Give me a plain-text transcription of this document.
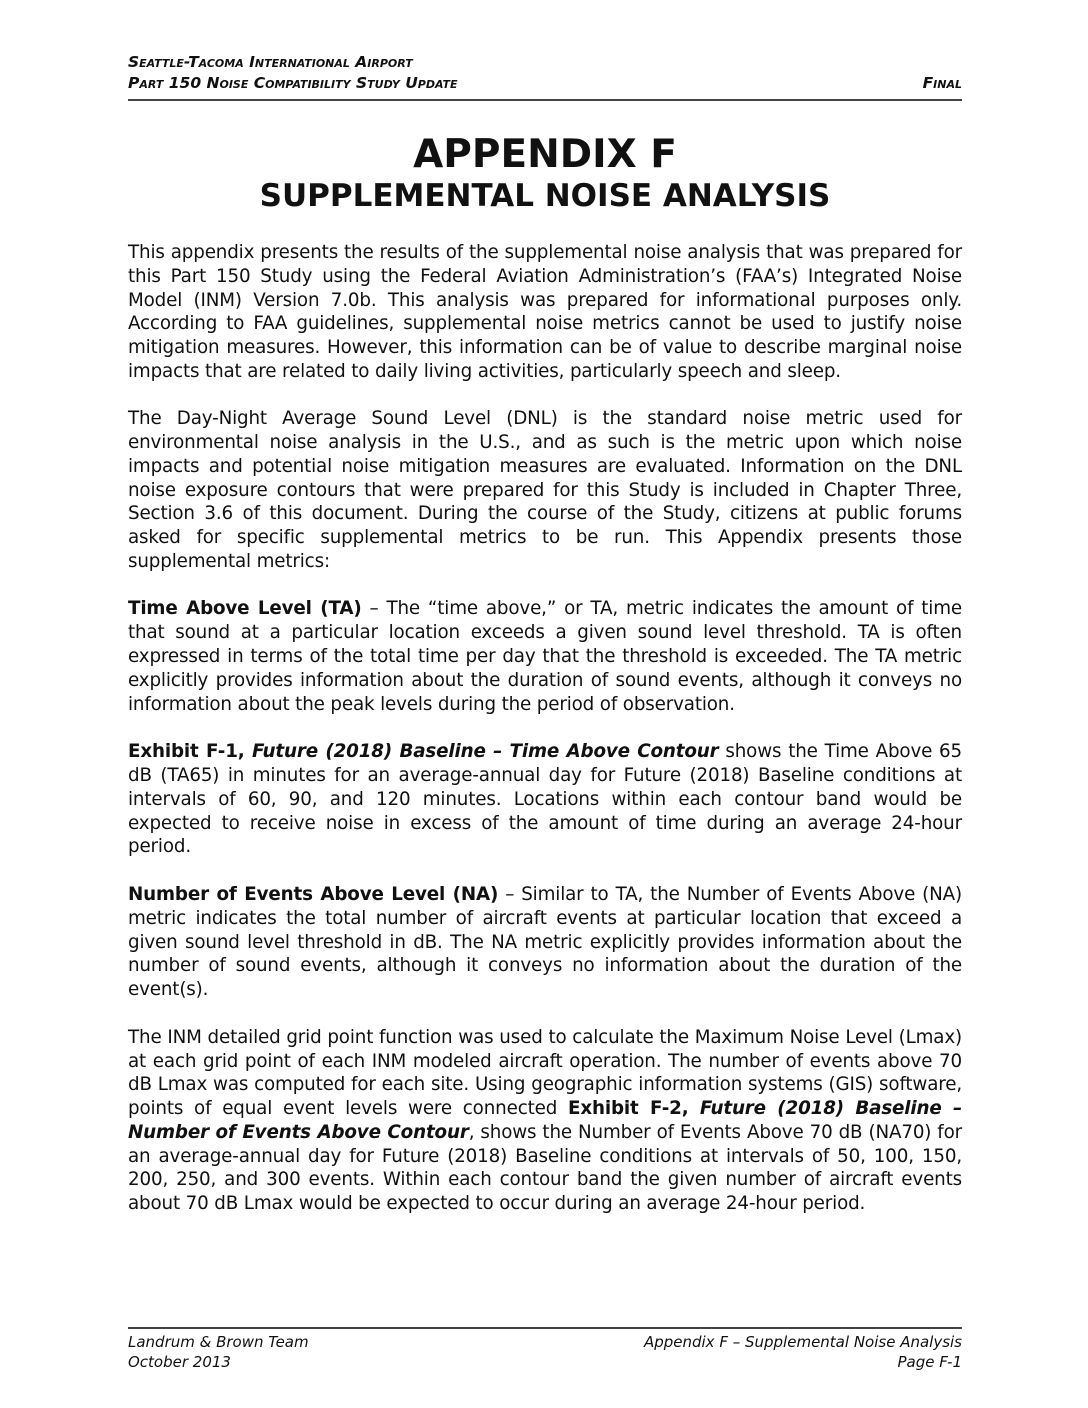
Seattle-Tacoma International Airport
Part 150 Noise Compatibility Study Update	Final
APPENDIX F
SUPPLEMENTAL NOISE ANALYSIS

This appendix presents the results of the supplemental noise analysis that was prepared for this Part 150 Study using the Federal Aviation Administration’s (FAA’s) Integrated Noise Model (INM) Version 7.0b. This analysis was prepared for informational purposes only. According to FAA guidelines, supplemental noise metrics cannot be used to justify noise mitigation measures. However, this information can be of value to describe marginal noise impacts that are related to daily living activities, particularly speech and sleep.

The Day-Night Average Sound Level (DNL) is the standard noise metric used for environmental noise analysis in the U.S., and as such is the metric upon which noise impacts and potential noise mitigation measures are evaluated. Information on the DNL noise exposure contours that were prepared for this Study is included in Chapter Three, Section 3.6 of this document. During the course of the Study, citizens at public forums asked for specific supplemental metrics to be run. This Appendix presents those supplemental metrics:

Time Above Level (TA) – The “time above,” or TA, metric indicates the amount of time that sound at a particular location exceeds a given sound level threshold. TA is often expressed in terms of the total time per day that the threshold is exceeded. The TA metric explicitly provides information about the duration of sound events, although it conveys no information about the peak levels during the period of observation.

Exhibit F-1, Future (2018) Baseline – Time Above Contour shows the Time Above 65 dB (TA65) in minutes for an average-annual day for Future (2018) Baseline conditions at intervals of 60, 90, and 120 minutes. Locations within each contour band would be expected to receive noise in excess of the amount of time during an average 24-hour period.

Number of Events Above Level (NA) – Similar to TA, the Number of Events Above (NA) metric indicates the total number of aircraft events at particular location that exceed a given sound level threshold in dB. The NA metric explicitly provides information about the number of sound events, although it conveys no information about the duration of the event(s).

The INM detailed grid point function was used to calculate the Maximum Noise Level (Lmax) at each grid point of each INM modeled aircraft operation. The number of events above 70 dB Lmax was computed for each site. Using geographic information systems (GIS) software, points of equal event levels were connected Exhibit F-2, Future (2018) Baseline – Number of Events Above Contour, shows the Number of Events Above 70 dB (NA70) for an average-annual day for Future (2018) Baseline conditions at intervals of 50, 100, 150, 200, 250, and 300 events. Within each contour band the given number of aircraft events about 70 dB Lmax would be expected to occur during an average 24-hour period.

Landrum & Brown Team	Appendix F – Supplemental Noise Analysis
October 2013	Page F-1
